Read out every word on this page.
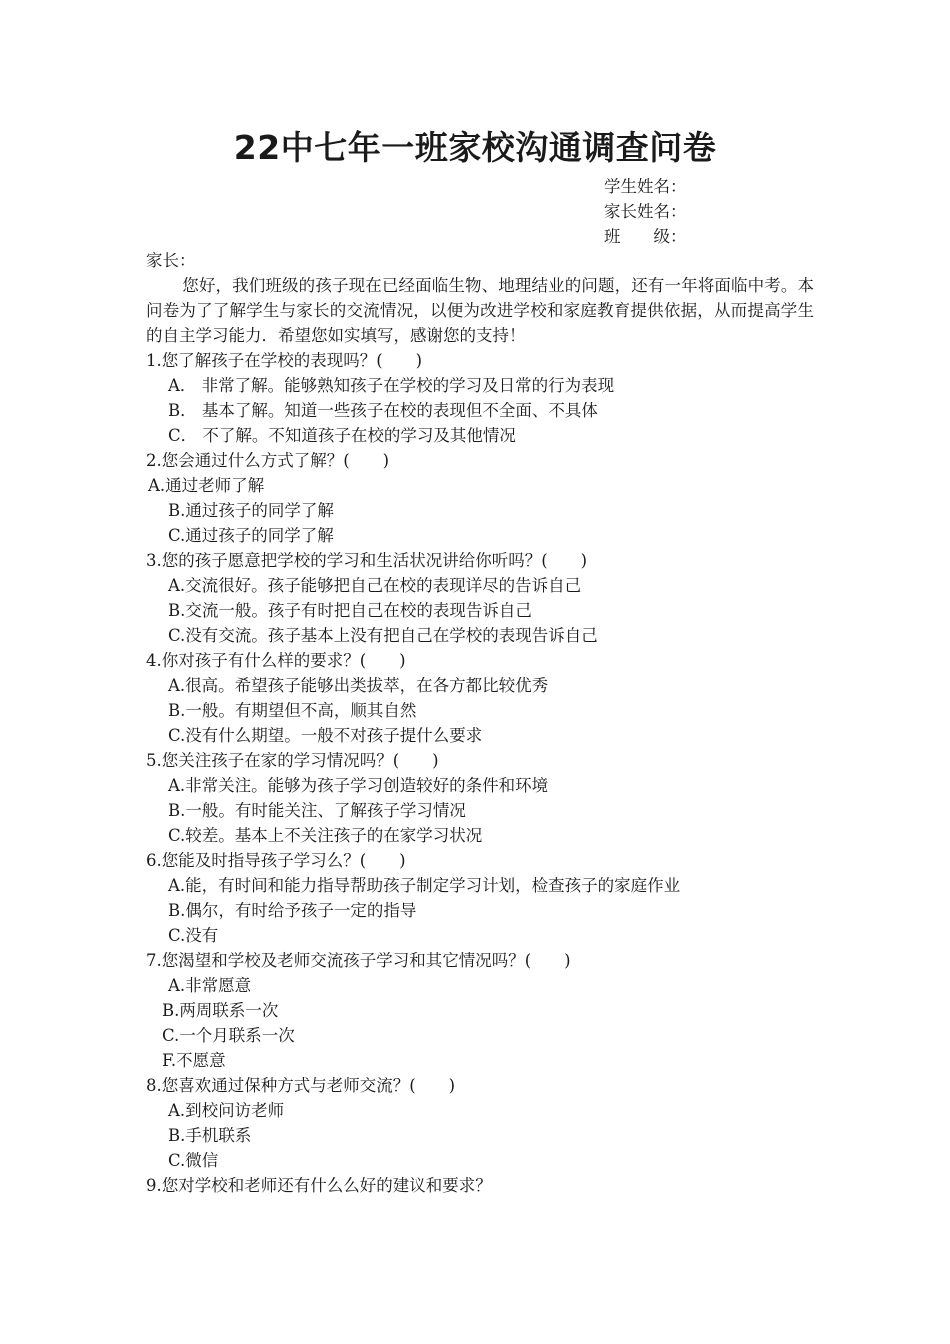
22中七年一班家校沟通调查问卷
学生姓名：
家长姓名：
班　　级：
家长：
您好，我们班级的孩子现在已经面临生物、地理结业的问题，还有一年将面临中考。本问卷为了了解学生与家长的交流情况，以便为改进学校和家庭教育提供依据，从而提高学生的自主学习能力．希望您如实填写，感谢您的支持！
1.您了解孩子在学校的表现吗？(　　)
A． 非常了解。能够熟知孩子在学校的学习及日常的行为表现
B． 基本了解。知道一些孩子在校的表现但不全面、不具体
C． 不了解。不知道孩子在校的学习及其他情况
2.您会通过什么方式了解？(　　)
A.通过老师了解
B.通过孩子的同学了解
C.通过孩子的同学了解
3.您的孩子愿意把学校的学习和生活状况讲给你听吗？(　　)
A.交流很好。孩子能够把自己在校的表现详尽的告诉自己
B.交流一般。孩子有时把自己在校的表现告诉自己
C.没有交流。孩子基本上没有把自己在学校的表现告诉自己
4.你对孩子有什么样的要求？(　　)
A.很高。希望孩子能够出类拔萃，在各方都比较优秀
B.一般。有期望但不高，顺其自然
C.没有什么期望。一般不对孩子提什么要求
5.您关注孩子在家的学习情况吗？(　　)
A.非常关注。能够为孩子学习创造较好的条件和环境
B.一般。有时能关注、了解孩子学习情况
C.较差。基本上不关注孩子的在家学习状况
6.您能及时指导孩子学习么？(　　)
A.能，有时间和能力指导帮助孩子制定学习计划，检查孩子的家庭作业
B.偶尔，有时给予孩子一定的指导
C.没有
7.您渴望和学校及老师交流孩子学习和其它情况吗？(　　)
A.非常愿意
B.两周联系一次
C.一个月联系一次
F.不愿意
8.您喜欢通过保种方式与老师交流？(　　)
A.到校问访老师
B.手机联系
C.微信
9.您对学校和老师还有什么么好的建议和要求？
